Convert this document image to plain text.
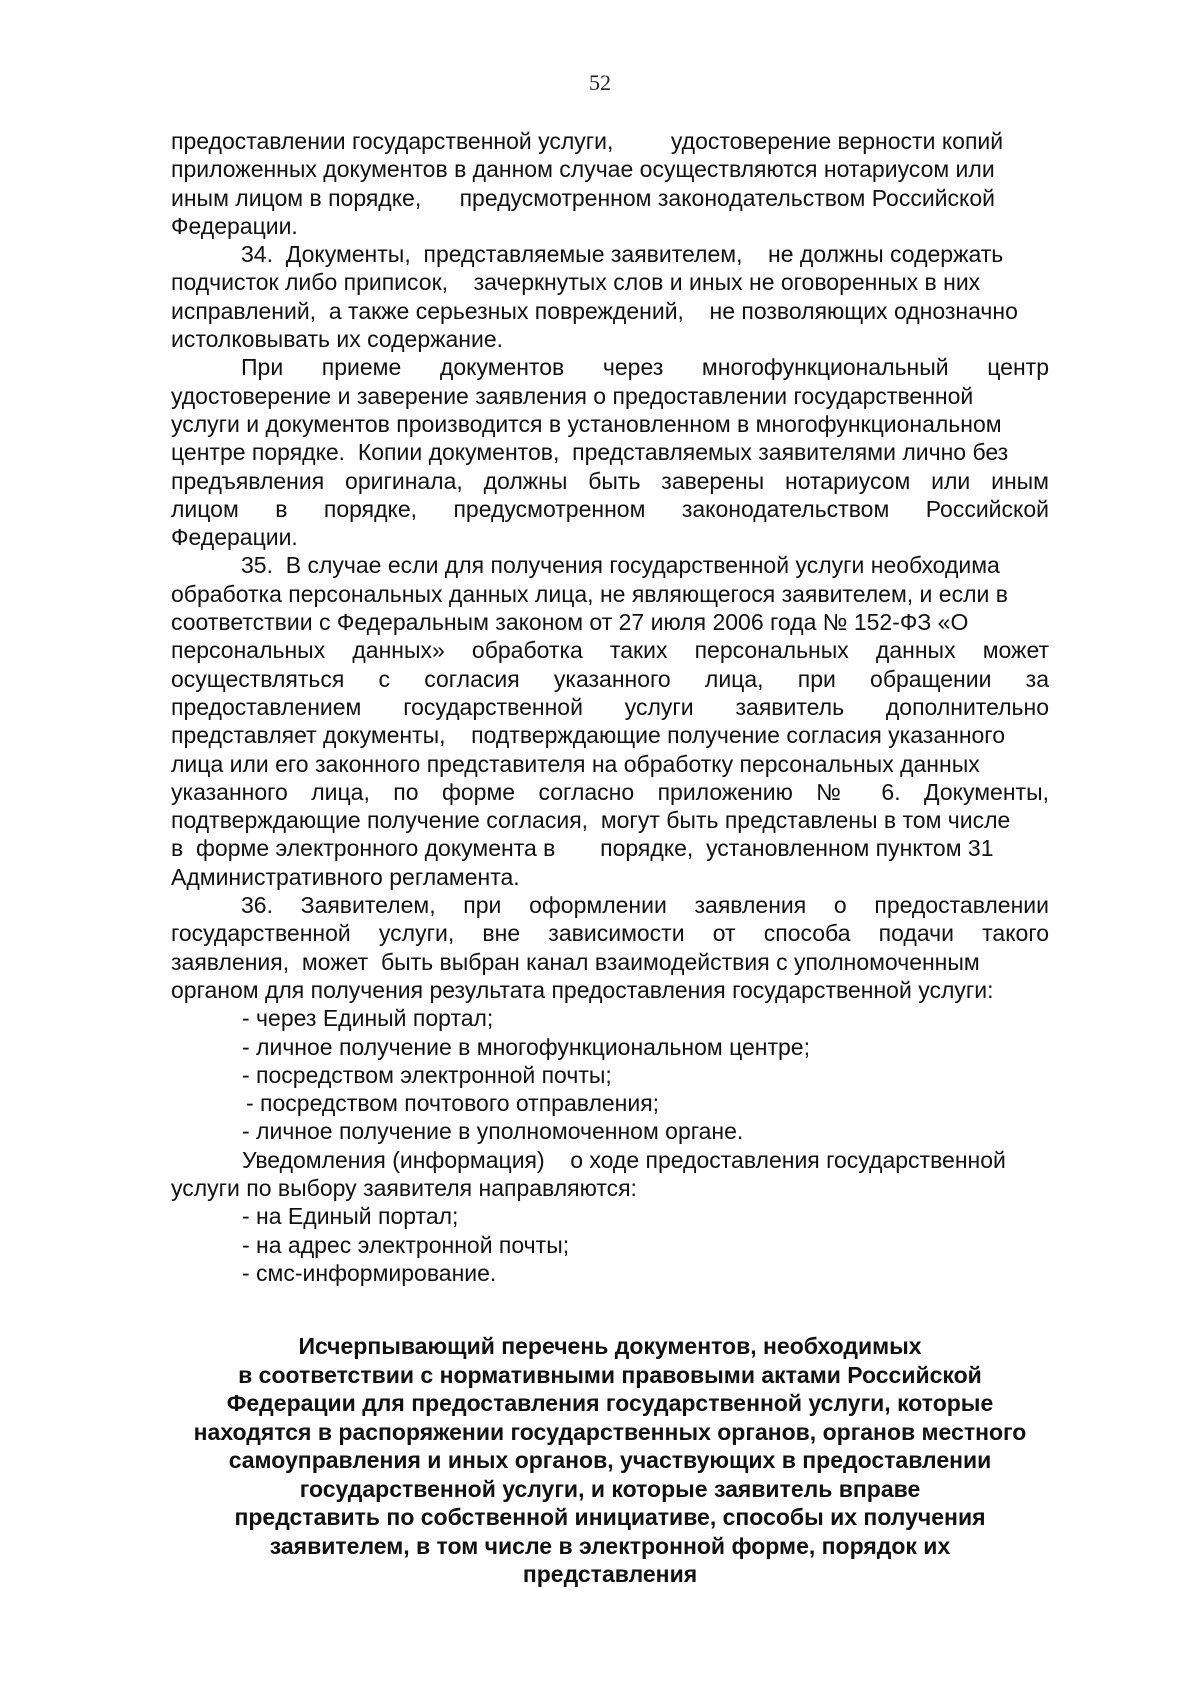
52
предоставлении государственной услуги,         удостоверение верности копий
приложенных документов в данном случае осуществляются нотариусом или
иным лицом в порядке,      предусмотренном законодательством Российской
Федерации.
34.  Документы,  представляемые заявителем,    не должны содержать
подчисток либо приписок,    зачеркнутых слов и иных не оговоренных в них
исправлений,  а также серьезных повреждений,    не позволяющих однозначно
истолковывать их содержание.
При приеме документов через многофункциональный центр
удостоверение и заверение заявления о предоставлении государственной
услуги и документов производится в установленном в многофункциональном
центре порядке.  Копии документов,  представляемых заявителями лично без
предъявления оригинала, должны быть заверены нотариусом или иным
лицом в порядке, предусмотренном законодательством Российской
Федерации.
35.  В случае если для получения государственной услуги необходима
обработка персональных данных лица, не являющегося заявителем, и если в
соответствии с Федеральным законом от 27 июля 2006 года № 152-ФЗ «О
персональных данных» обработка таких персональных данных может
осуществляться с согласия указанного лица, при обращении за
предоставлением государственной услуги заявитель дополнительно
представляет документы,    подтверждающие получение согласия указанного
лица или его законного представителя на обработку персональных данных
указанного лица, по форме согласно приложению № 6. Документы,
подтверждающие получение согласия,  могут быть представлены в том числе
в  форме электронного документа в       порядке,  установленном пунктом 31
Административного регламента.
36. Заявителем, при оформлении заявления о предоставлении
государственной услуги, вне зависимости от способа подачи такого
заявления,  может  быть выбран канал взаимодействия с уполномоченным
органом для получения результата предоставления государственной услуги:
- через Единый портал;
- личное получение в многофункциональном центре;
- посредством электронной почты;
- посредством почтового отправления;
- личное получение в уполномоченном органе.
Уведомления (информация)    о ходе предоставления государственной
услуги по выбору заявителя направляются:
- на Единый портал;
- на адрес электронной почты;
- смс-информирование.
Исчерпывающий перечень документов, необходимых
в соответствии с нормативными правовыми актами Российской
Федерации для предоставления государственной услуги, которые
находятся в распоряжении государственных органов, органов местного
самоуправления и иных органов, участвующих в предоставлении
государственной услуги, и которые заявитель вправе
представить по собственной инициативе, способы их получения
заявителем, в том числе в электронной форме, порядок их
представления
